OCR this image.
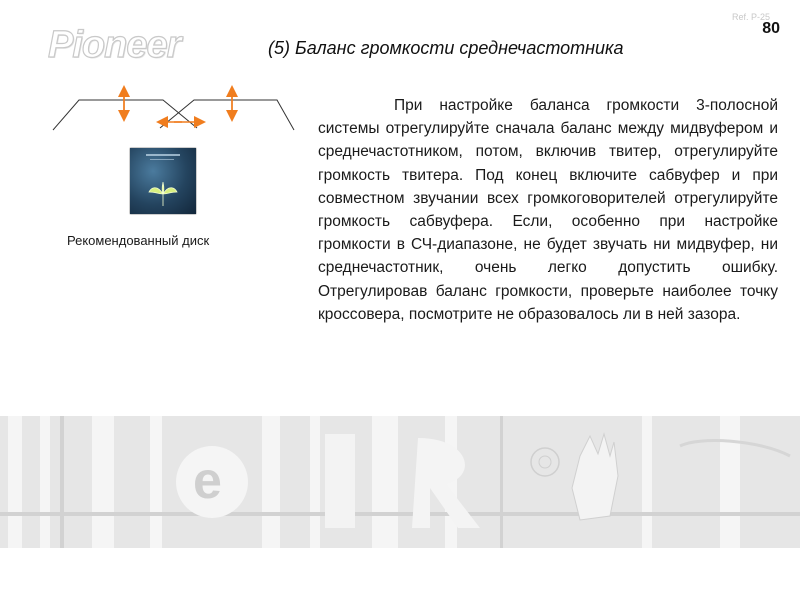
Pioneer	(5) Баланс громкости среднечастотника
Ref. P-25
80
Рекомендованный диск

При настройке баланса громкости 3-полосной системы отрегулируйте сначала баланс между мидвуфером и среднечастотником, потом, включив твитер, отрегулируйте громкость твитера. Под конец включите сабвуфер и при совместном звучании всех громкоговорителей отрегулируйте громкость сабвуфера. Если, особенно при настройке громкости в СЧ-диапазоне, не будет звучать ни мидвуфер, ни среднечастотник, очень легко допустить ошибку. Отрегулировав баланс громкости, проверьте наиболее точку кроссовера, посмотрите не образовалось ли в ней зазора.

e
